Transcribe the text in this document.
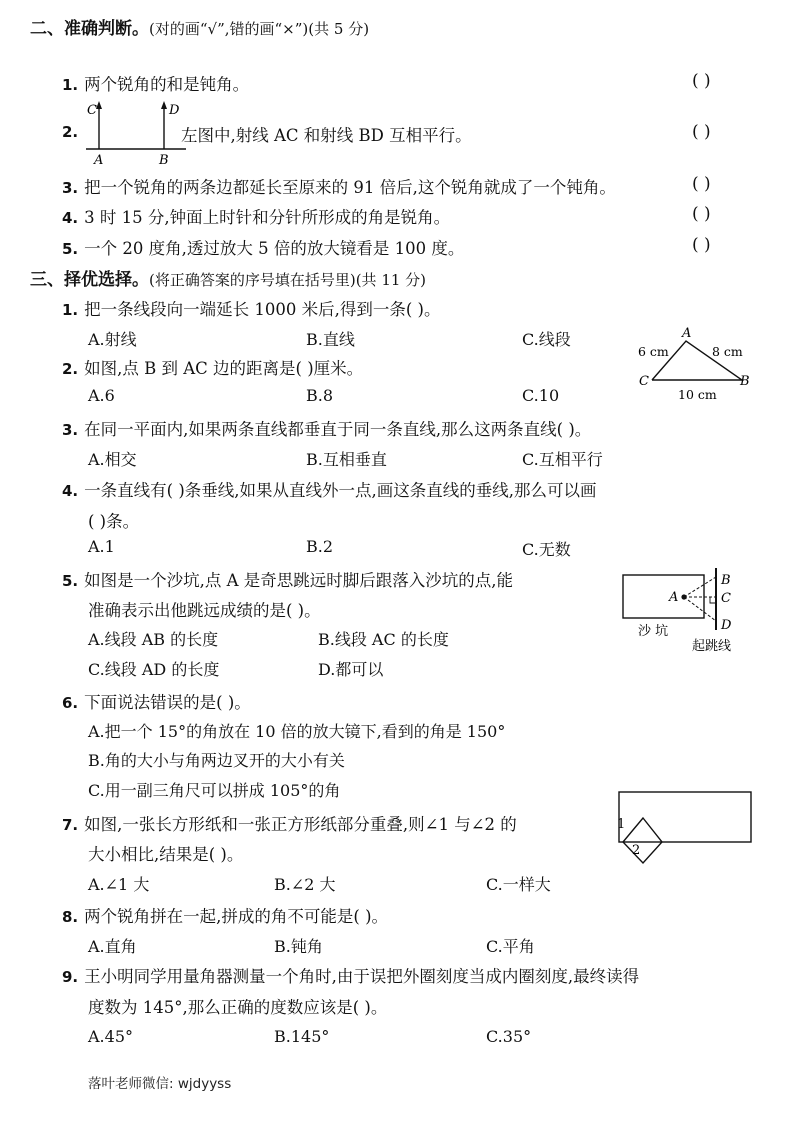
二、准确判断。(对的画“√”,错的画“×”)(共 5 分)
1. 两个锐角的和是钝角。	( )
2.
C	D
A	B
左图中,射线 AC 和射线 BD 互相平行。	( )
3. 把一个锐角的两条边都延长至原来的 91 倍后,这个锐角就成了一个钝角。	( )
4. 3 时 15 分,钟面上时针和分针所形成的角是锐角。	( )
5. 一个 20 度角,透过放大 5 倍的放大镜看是 100 度。	( )
三、择优选择。(将正确答案的序号填在括号里)(共 11 分)
1. 把一条线段向一端延长 1000 米后,得到一条( )。
A.射线	B.直线	C.线段
2. 如图,点 B 到 AC 边的距离是( )厘米。
A.6	B.8	C.10
A
B
C
6 cm	8 cm
10 cm
3. 在同一平面内,如果两条直线都垂直于同一条直线,那么这两条直线( )。
A.相交	B.互相垂直	C.互相平行
4. 一条直线有( )条垂线,如果从直线外一点,画这条直线的垂线,那么可以画
( )条。
A.1	B.2	C.无数
5. 如图是一个沙坑,点 A 是奇思跳远时脚后跟落入沙坑的点,能
准确表示出他跳远成绩的是( )。
A.线段 AB 的长度	B.线段 AC 的长度
C.线段 AD 的长度	D.都可以
A
B
C
D
沙 坑
起跳线
6. 下面说法错误的是( )。
A.把一个 15°的角放在 10 倍的放大镜下,看到的角是 150°
B.角的大小与角两边叉开的大小有关
C.用一副三角尺可以拼成 105°的角
7. 如图,一张长方形纸和一张正方形纸部分重叠,则∠1 与∠2 的
大小相比,结果是( )。
A.∠1 大	B.∠2 大	C.一样大
1
2
8. 两个锐角拼在一起,拼成的角不可能是( )。
A.直角	B.钝角	C.平角
9. 王小明同学用量角器测量一个角时,由于误把外圈刻度当成内圈刻度,最终读得
度数为 145°,那么正确的度数应该是( )。
A.45°	B.145°	C.35°
落叶老师微信: wjdyyss
